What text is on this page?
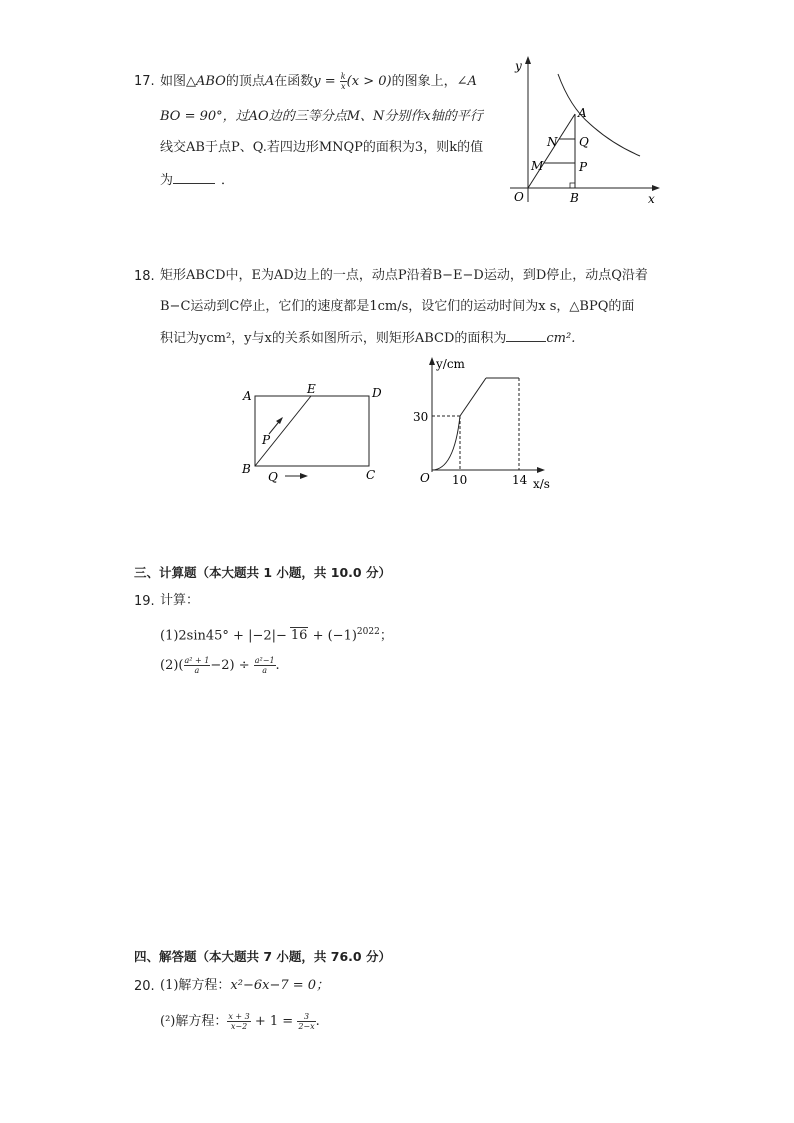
17. 如图△ABO的顶点A在函数$y = \frac{k}{x} (x > 0)$的图象上，∠A
BO = 90°，过AO边的三等分点M、N分别作x轴的平行
线交AB于点P、Q.若四边形MNQP的面积为3，则k的值
为	．
y
x
O
A
B
N Q
M	P
18. 矩形ABCD中，E为AD边上的一点，动点P沿着B−E−D运动，到D停止，动点Q沿着
B−C运动到C停止，它们的速度都是1cm/s，设它们的运动时间为x s，△BPQ的面
积记为ycm²，y与x的关系如图所示，则矩形ABCD的面积为	cm².
A	E	D
P
B
Q	C
y/cm
x/s
O
30
10	14
三、计算题（本大题共 1 小题，共 10.0 分）
19. 计算：
$(1)2\sin 45^\circ + |-2|- 16 + (-1)^{2022}$；
$(2)( \frac{\text{a² + 1}}{a} -2) \div \frac{\text{a²−1}}{a}$ .
四、解答题（本大题共 7 小题，共 76.0 分）
20. (1)解方程：x²−6x−7 = 0；
(²)解方程： $\frac{x + 3}{x-2} + 1 = \frac{3}{2-x}$ .
